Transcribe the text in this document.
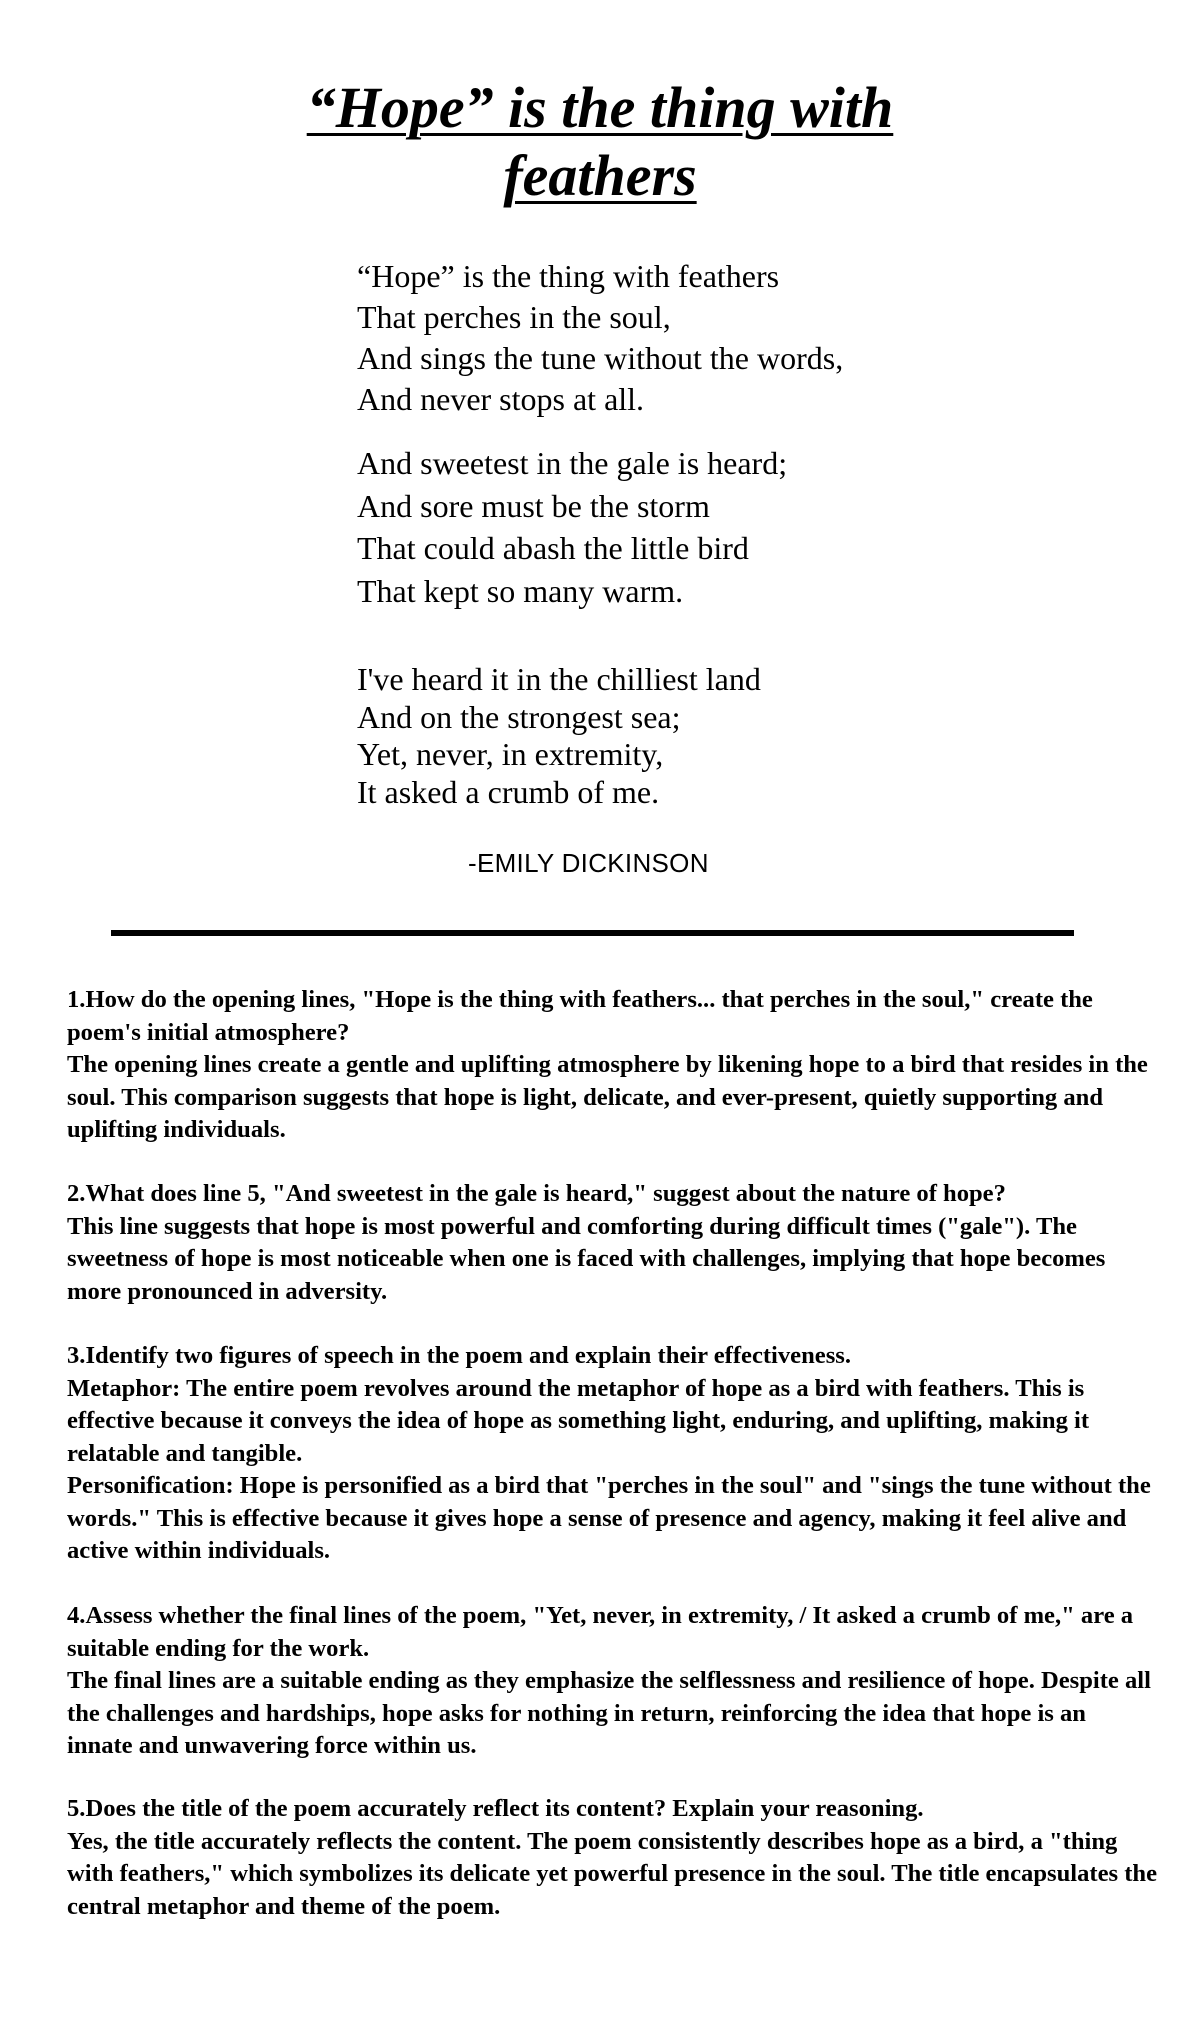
“Hope” is the thing with
feathers
“Hope” is the thing with feathers
That perches in the soul,
And sings the tune without the words,
And never stops at all.
And sweetest in the gale is heard;
And sore must be the storm
That could abash the little bird
That kept so many warm.
I've heard it in the chilliest land
And on the strongest sea;
Yet, never, in extremity,
It asked a crumb of me.

-EMILY DICKINSON

1.How do the opening lines, "Hope is the thing with feathers... that perches in the soul," create the poem's initial atmosphere?

The opening lines create a gentle and uplifting atmosphere by likening hope to a bird that resides in the soul. This comparison suggests that hope is light, delicate, and ever-present, quietly supporting and uplifting individuals.

2.What does line 5, "And sweetest in the gale is heard," suggest about the nature of hope?

This line suggests that hope is most powerful and comforting during difficult times ("gale"). The sweetness of hope is most noticeable when one is faced with challenges, implying that hope becomes more pronounced in adversity.

3.Identify two figures of speech in the poem and explain their effectiveness.

Metaphor: The entire poem revolves around the metaphor of hope as a bird with feathers. This is effective because it conveys the idea of hope as something light, enduring, and uplifting, making it relatable and tangible.

Personification: Hope is personified as a bird that "perches in the soul" and "sings the tune without the words." This is effective because it gives hope a sense of presence and agency, making it feel alive and active within individuals.

4.Assess whether the final lines of the poem, "Yet, never, in extremity, / It asked a crumb of me," are a suitable ending for the work.

The final lines are a suitable ending as they emphasize the selflessness and resilience of hope. Despite all the challenges and hardships, hope asks for nothing in return, reinforcing the idea that hope is an innate and unwavering force within us.

5.Does the title of the poem accurately reflect its content? Explain your reasoning.

Yes, the title accurately reflects the content. The poem consistently describes hope as a bird, a "thing with feathers," which symbolizes its delicate yet powerful presence in the soul. The title encapsulates the central metaphor and theme of the poem.
